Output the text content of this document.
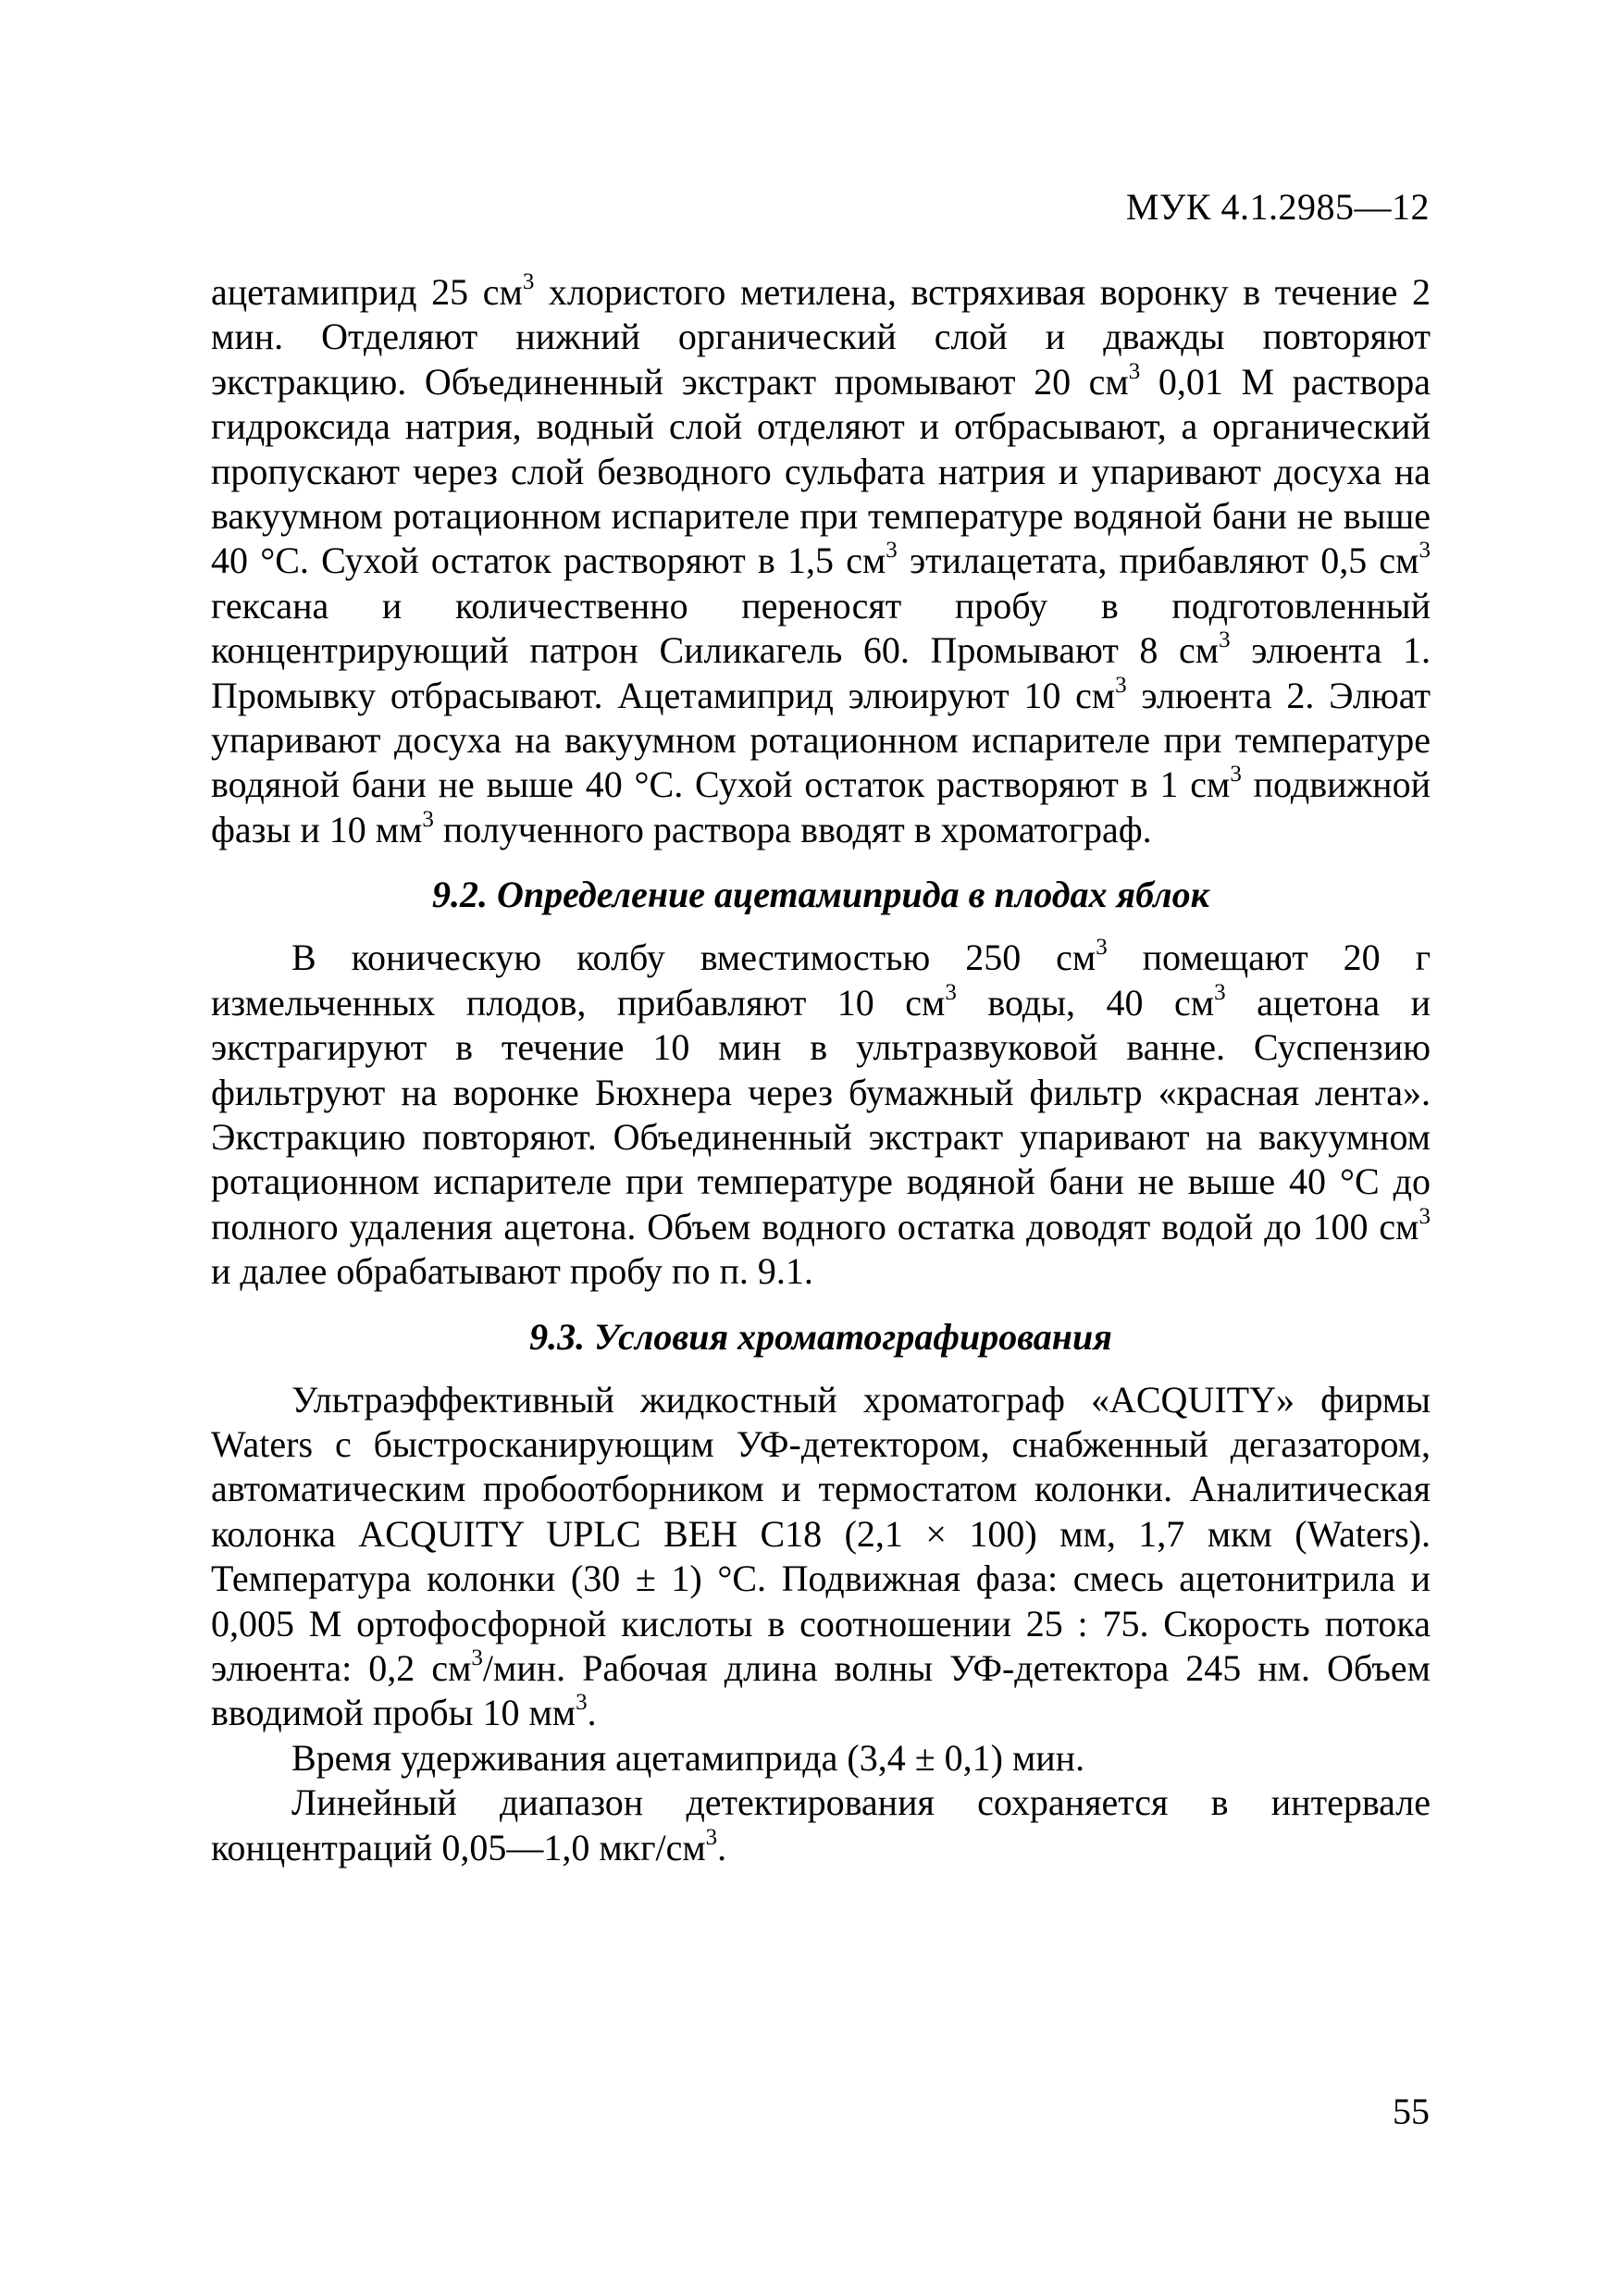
МУК 4.1.2985—12

ацетамиприд 25 $см^3$ хлористого метилена, встряхивая воронку в течение 2 мин. Отделяют нижний органический слой и дважды повторяют экстракцию. Объединенный экстракт промывают 20 $см^3$ 0,01 М раствора гидроксида натрия, водный слой отделяют и отбрасывают, а органический пропускают через слой безводного сульфата натрия и упаривают досуха на вакуумном ротационном испарителе при температуре водяной бани не выше 40 °С. Сухой остаток растворяют в 1,5 $см^3$ этилацетата, прибавляют 0,5 $см^3$ гексана и количественно переносят пробу в подготовленный концентрирующий патрон Силикагель 60. Промывают 8 $см^3$ элюента 1. Промывку отбрасывают. Ацетамиприд элюируют 10 $см^3$ элюента 2. Элюат упаривают досуха на вакуумном ротационном испарителе при температуре водяной бани не выше 40 °С. Сухой остаток растворяют в 1 $см^3$ подвижной фазы и 10 $мм^3$ полученного раствора вводят в хроматограф.

9.2. Определение ацетамиприда в плодах яблок

В коническую колбу вместимостью 250 $см^3$ помещают 20 г измельченных плодов, прибавляют 10 $см^3$ воды, 40 $см^3$ ацетона и экстрагируют в течение 10 мин в ультразвуковой ванне. Суспензию фильтруют на воронке Бюхнера через бумажный фильтр «красная лента». Экстракцию повторяют. Объединенный экстракт упаривают на вакуумном ротационном испарителе при температуре водяной бани не выше 40 °С до полного удаления ацетона. Объем водного остатка доводят водой до 100 $см^3$ и далее обрабатывают пробу по п. 9.1.

9.3. Условия хроматографирования

Ультраэффективный жидкостный хроматограф «ACQUITY» фирмы Waters с быстросканирующим УФ-детектором, снабженный дегазатором, автоматическим пробоотборником и термостатом колонки. Аналитическая колонка ACQUITY UPLC BEH C18 (2,1 × 100) мм, 1,7 мкм (Waters). Температура колонки (30 ± 1) °С. Подвижная фаза: смесь ацетонитрила и 0,005 М ортофосфорной кислоты в соотношении 25 : 75. Скорость потока элюента: 0,2 $см^3$/мин. Рабочая длина волны УФ-детектора 245 нм. Объем вводимой пробы 10 $мм^3$.

Время удерживания ацетамиприда (3,4 ± 0,1) мин.

Линейный диапазон детектирования сохраняется в интервале концентраций 0,05—1,0 мкг/$см^3$.

55
